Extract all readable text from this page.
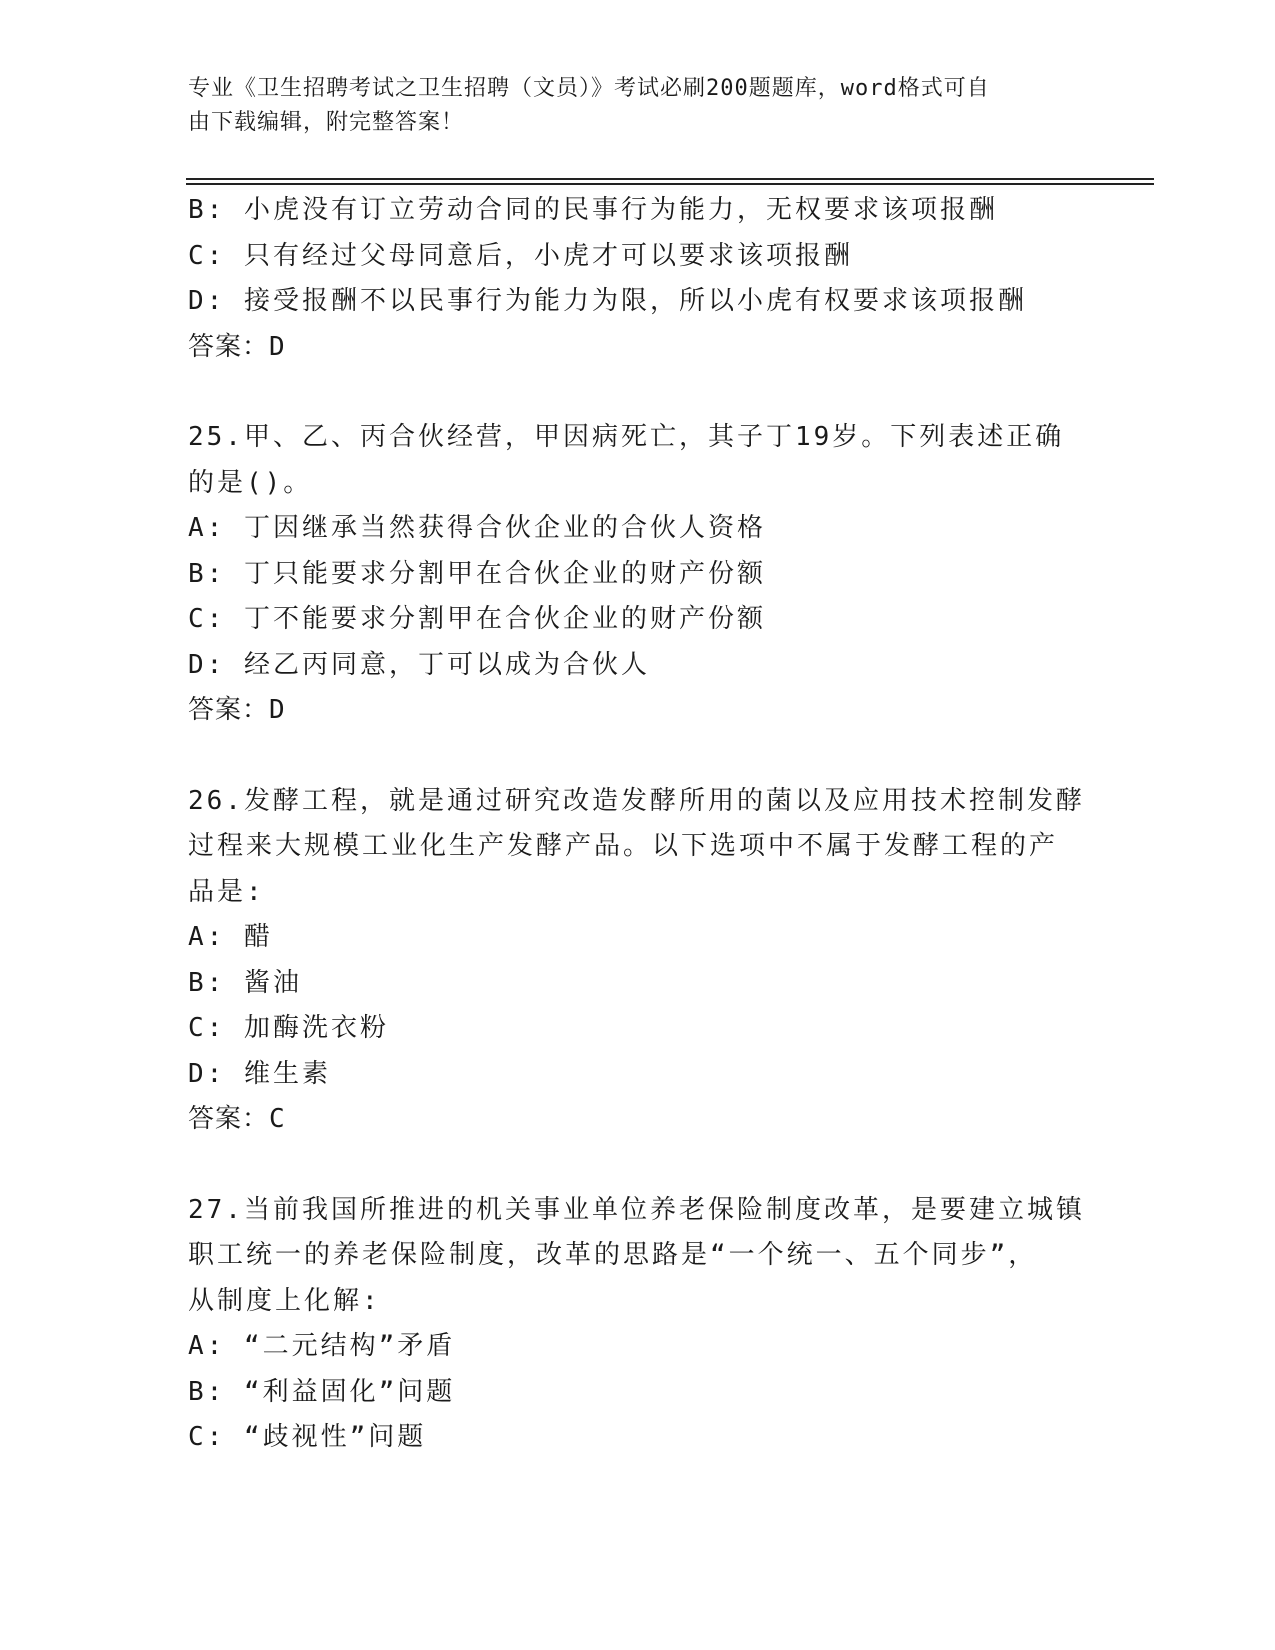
专业《卫生招聘考试之卫生招聘（文员）》考试必刷200题题库，word格式可自
由下载编辑，附完整答案！
B: 小虎没有订立劳动合同的民事行为能力，无权要求该项报酬
C: 只有经过父母同意后，小虎才可以要求该项报酬
D: 接受报酬不以民事行为能力为限，所以小虎有权要求该项报酬
答案：D
25.甲、乙、丙合伙经营，甲因病死亡，其子丁19岁。下列表述正确
的是()。
A: 丁因继承当然获得合伙企业的合伙人资格
B: 丁只能要求分割甲在合伙企业的财产份额
C: 丁不能要求分割甲在合伙企业的财产份额
D: 经乙丙同意，丁可以成为合伙人
答案：D
26.发酵工程，就是通过研究改造发酵所用的菌以及应用技术控制发酵
过程来大规模工业化生产发酵产品。以下选项中不属于发酵工程的产
品是:
A: 醋
B: 酱油
C: 加酶洗衣粉
D: 维生素
答案：C
27.当前我国所推进的机关事业单位养老保险制度改革，是要建立城镇
职工统一的养老保险制度，改革的思路是“一个统一、五个同步”，
从制度上化解:
A: “二元结构”矛盾
B: “利益固化”问题
C: “歧视性”问题
